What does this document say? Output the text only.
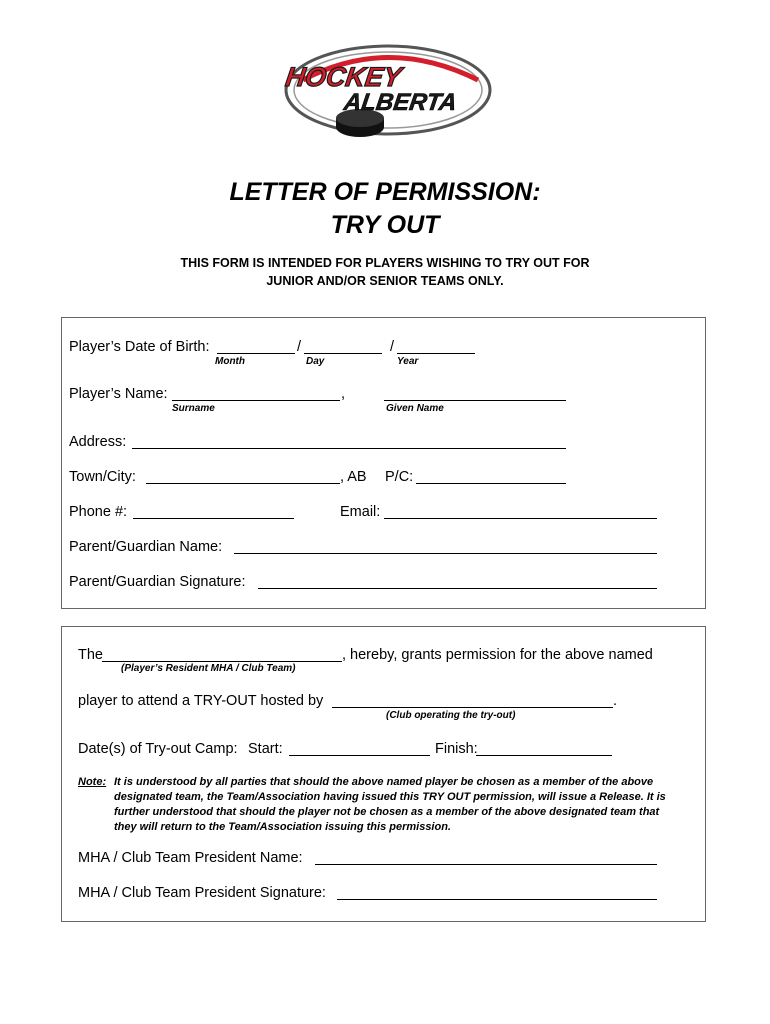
HOCKEY
ALBERTA
LETTER OF PERMISSION:
TRY OUT
THIS FORM IS INTENDED FOR PLAYERS WISHING TO TRY OUT FOR
JUNIOR AND/OR SENIOR TEAMS ONLY.
Player’s Date of Birth:	/	/
Month	Day	Year
Player’s Name:	,
Surname	Given Name
Address:
Town/City:	, AB P/C:
Phone #:	Email:
Parent/Guardian Name:
Parent/Guardian Signature:
The	, hereby, grants permission for the above named
(Player’s Resident MHA / Club Team)
player to attend a TRY-OUT hosted by	.
(Club operating the try-out)
Date(s) of Try-out Camp: Start:	Finish:
Note: It is understood by all parties that should the above named player be chosen as a member of the above
designated team, the Team/Association having issued this TRY OUT permission, will issue a Release. It is
further understood that should the player not be chosen as a member of the above designated team that
they will return to the Team/Association issuing this permission.
MHA / Club Team President Name:
MHA / Club Team President Signature:
